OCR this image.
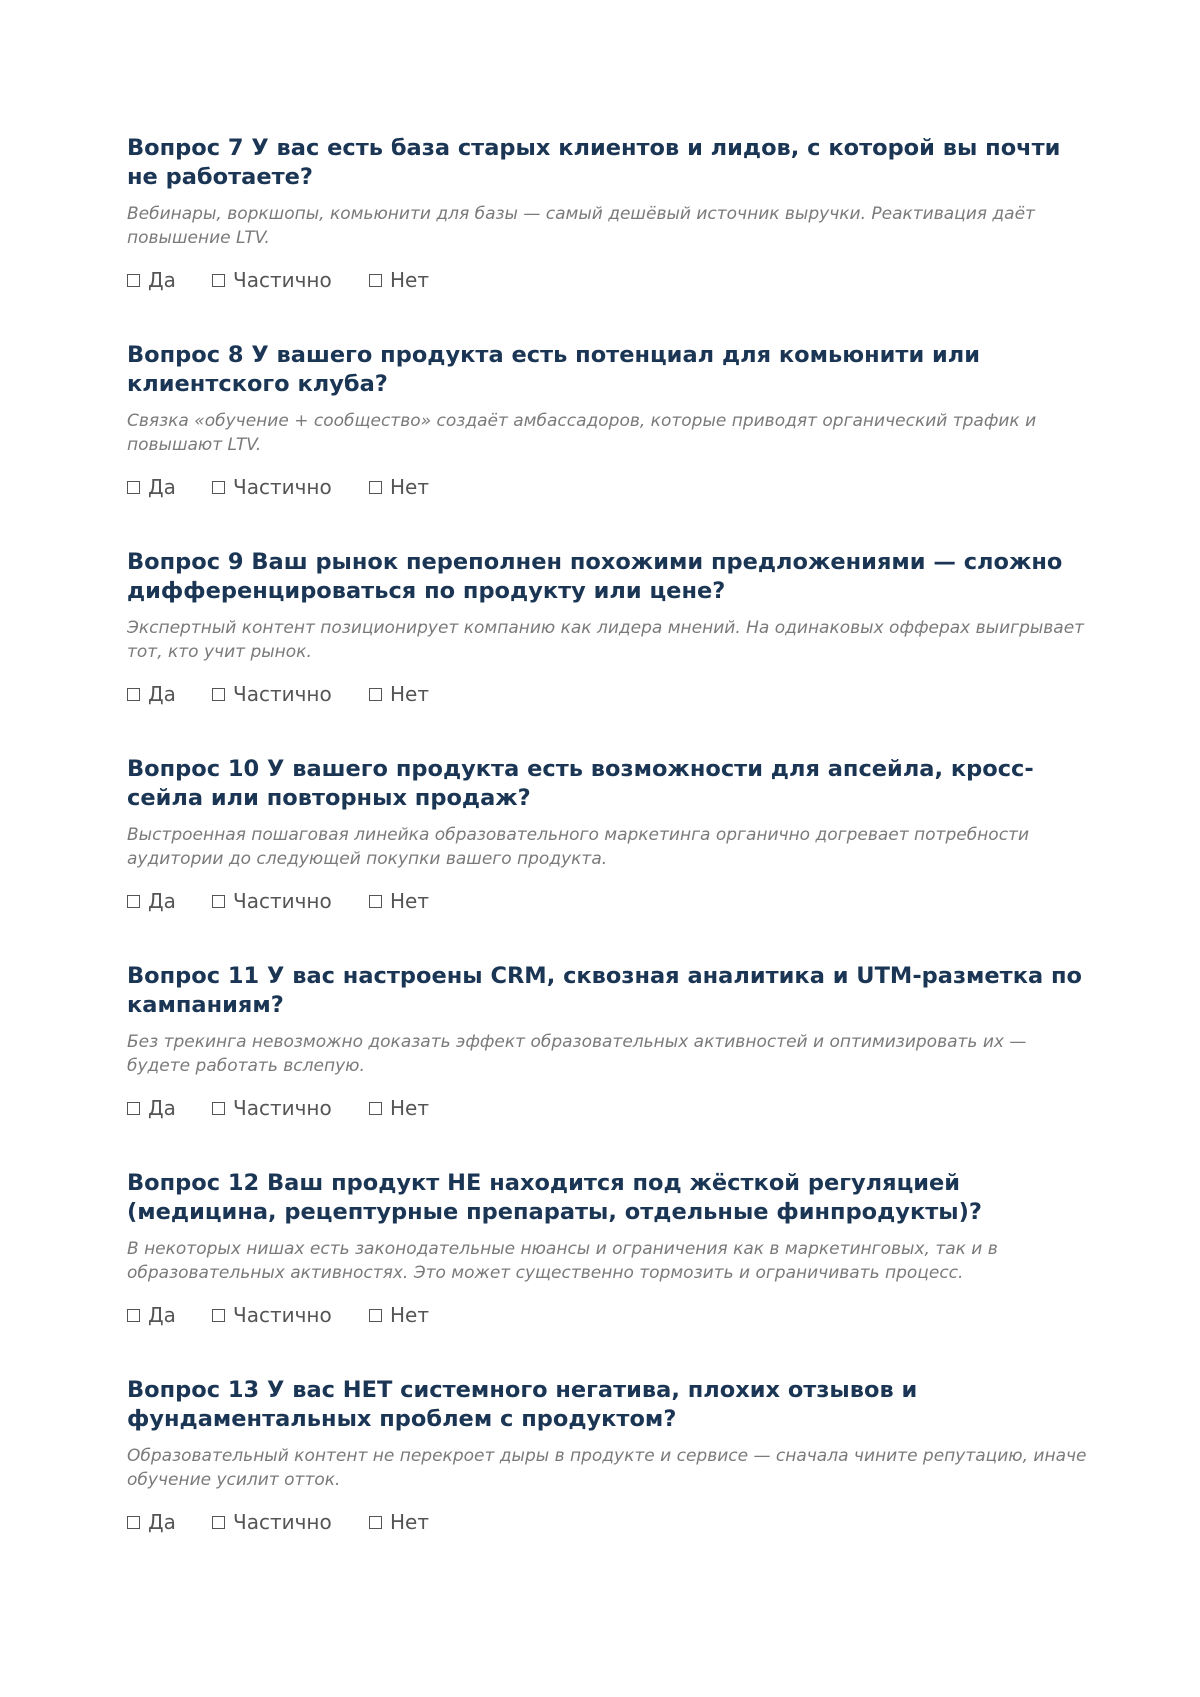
Вопрос 7 У вас есть база старых клиентов и лидов, с которой вы почти не работаете?
Вебинары, воркшопы, комьюнити для базы — самый дешёвый источник выручки. Реактивация даёт повышение LTV.
Да	Частично	Нет
Вопрос 8 У вашего продукта есть потенциал для комьюнити или клиентского клуба?
Связка «обучение + сообщество» создаёт амбассадоров, которые приводят органический трафик и повышают LTV.
Да	Частично	Нет
Вопрос 9 Ваш рынок переполнен похожими предложениями — сложно дифференцироваться по продукту или цене?
Экспертный контент позиционирует компанию как лидера мнений. На одинаковых офферах выигрывает тот, кто учит рынок.
Да	Частично	Нет
Вопрос 10 У вашего продукта есть возможности для апсейла, кросс-сейла или повторных продаж?
Выстроенная пошаговая линейка образовательного маркетинга органично догревает потребности аудитории до следующей покупки вашего продукта.
Да	Частично	Нет
Вопрос 11 У вас настроены CRM, сквозная аналитика и UTM-разметка по кампаниям?
Без трекинга невозможно доказать эффект образовательных активностей и оптимизировать их — будете работать вслепую.
Да	Частично	Нет
Вопрос 12 Ваш продукт НЕ находится под жёсткой регуляцией (медицина, рецептурные препараты, отдельные финпродукты)?
В некоторых нишах есть законодательные нюансы и ограничения как в маркетинговых, так и в образовательных активностях. Это может существенно тормозить и ограничивать процесс.
Да	Частично	Нет
Вопрос 13 У вас НЕТ системного негатива, плохих отзывов и фундаментальных проблем с продуктом?
Образовательный контент не перекроет дыры в продукте и сервисе — сначала чините репутацию, иначе обучение усилит отток.
Да	Частично	Нет
